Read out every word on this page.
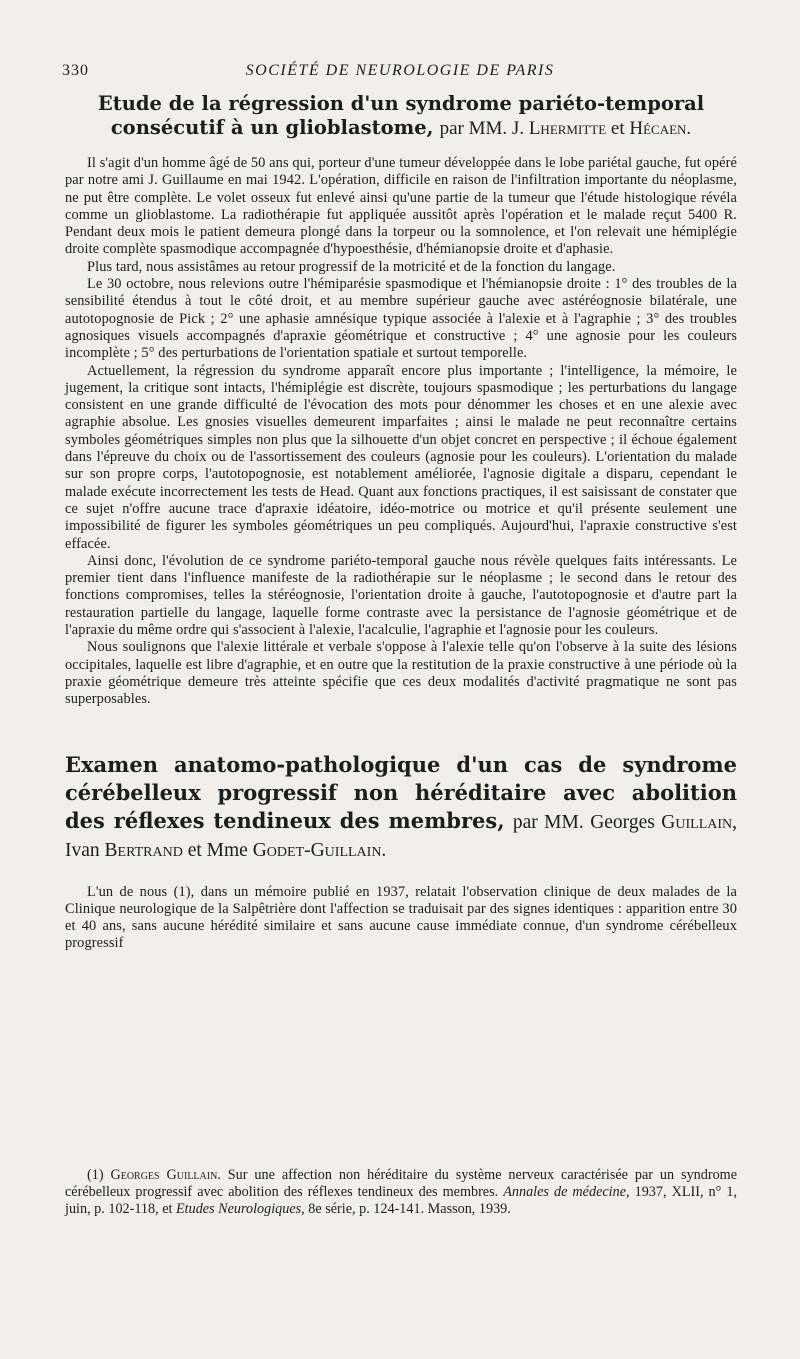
330	SOCIÉTÉ DE NEUROLOGIE DE PARIS
Etude de la régression d'un syndrome pariéto-temporal consécutif à un glioblastome, par MM. J. Lhermitte et Hécaen.

Il s'agit d'un homme âgé de 50 ans qui, porteur d'une tumeur développée dans le lobe pariétal gauche, fut opéré par notre ami J. Guillaume en mai 1942. L'opération, difficile en raison de l'infiltration importante du néoplasme, ne put être complète. Le volet osseux fut enlevé ainsi qu'une partie de la tumeur que l'étude histologique révéla comme un glioblastome. La radiothérapie fut appliquée aussitôt après l'opération et le malade reçut 5400 R. Pendant deux mois le patient demeura plongé dans la torpeur ou la somnolence, et l'on relevait une hémiplégie droite complète spasmodique accompagnée d'hypoesthésie, d'hémianopsie droite et d'aphasie.

Plus tard, nous assistâmes au retour progressif de la motricité et de la fonction du langage.

Le 30 octobre, nous relevions outre l'hémiparésie spasmodique et l'hémianopsie droite : 1° des troubles de la sensibilité étendus à tout le côté droit, et au membre supérieur gauche avec astéréognosie bilatérale, une autotopognosie de Pick ; 2° une aphasie amnésique typique associée à l'alexie et à l'agraphie ; 3° des troubles agnosiques visuels accompagnés d'apraxie géométrique et constructive ; 4° une agnosie pour les couleurs incomplète ; 5° des perturbations de l'orientation spatiale et surtout temporelle.

Actuellement, la régression du syndrome apparaît encore plus importante ; l'intelligence, la mémoire, le jugement, la critique sont intacts, l'hémiplégie est discrète, toujours spasmodique ; les perturbations du langage consistent en une grande difficulté de l'évocation des mots pour dénommer les choses et en une alexie avec agraphie absolue. Les gnosies visuelles demeurent imparfaites ; ainsi le malade ne peut reconnaître certains symboles géométriques simples non plus que la silhouette d'un objet concret en perspective ; il échoue également dans l'épreuve du choix ou de l'assortissement des couleurs (agnosie pour les couleurs). L'orientation du malade sur son propre corps, l'autotopognosie, est notablement améliorée, l'agnosie digitale a disparu, cependant le malade exécute incorrectement les tests de Head. Quant aux fonctions practiques, il est saisissant de constater que ce sujet n'offre aucune trace d'apraxie idéatoire, idéo-motrice ou motrice et qu'il présente seulement une impossibilité de figurer les symboles géométriques un peu compliqués. Aujourd'hui, l'apraxie constructive s'est effacée.

Ainsi donc, l'évolution de ce syndrome pariéto-temporal gauche nous révèle quelques faits intéressants. Le premier tient dans l'influence manifeste de la radiothérapie sur le néoplasme ; le second dans le retour des fonctions compromises, telles la stéréognosie, l'orientation droite à gauche, l'autotopognosie et d'autre part la restauration partielle du langage, laquelle forme contraste avec la persistance de l'agnosie géométrique et de l'apraxie du même ordre qui s'associent à l'alexie, l'acalculie, l'agraphie et l'agnosie pour les couleurs.

Nous soulignons que l'alexie littérale et verbale s'oppose à l'alexie telle qu'on l'observe à la suite des lésions occipitales, laquelle est libre d'agraphie, et en outre que la restitution de la praxie constructive à une période où la praxie géométrique demeure très atteinte spécifie que ces deux modalités d'activité pragmatique ne sont pas superposables.

Examen anatomo-pathologique d'un cas de syndrome cérébelleux progressif non héréditaire avec abolition des réflexes tendineux des membres, par MM. Georges Guillain, Ivan Bertrand et Mme Godet-Guillain.

L'un de nous (1), dans un mémoire publié en 1937, relatait l'observation clinique de deux malades de la Clinique neurologique de la Salpêtrière dont l'affection se traduisait par des signes identiques : apparition entre 30 et 40 ans, sans aucune hérédité similaire et sans aucune cause immédiate connue, d'un syndrome cérébelleux progressif

(1) Georges Guillain. Sur une affection non héréditaire du système nerveux caractérisée par un syndrome cérébelleux progressif avec abolition des réflexes tendineux des membres. Annales de médecine, 1937, XLII, n° 1, juin, p. 102-118, et Etudes Neurologiques, 8e série, p. 124-141. Masson, 1939.
